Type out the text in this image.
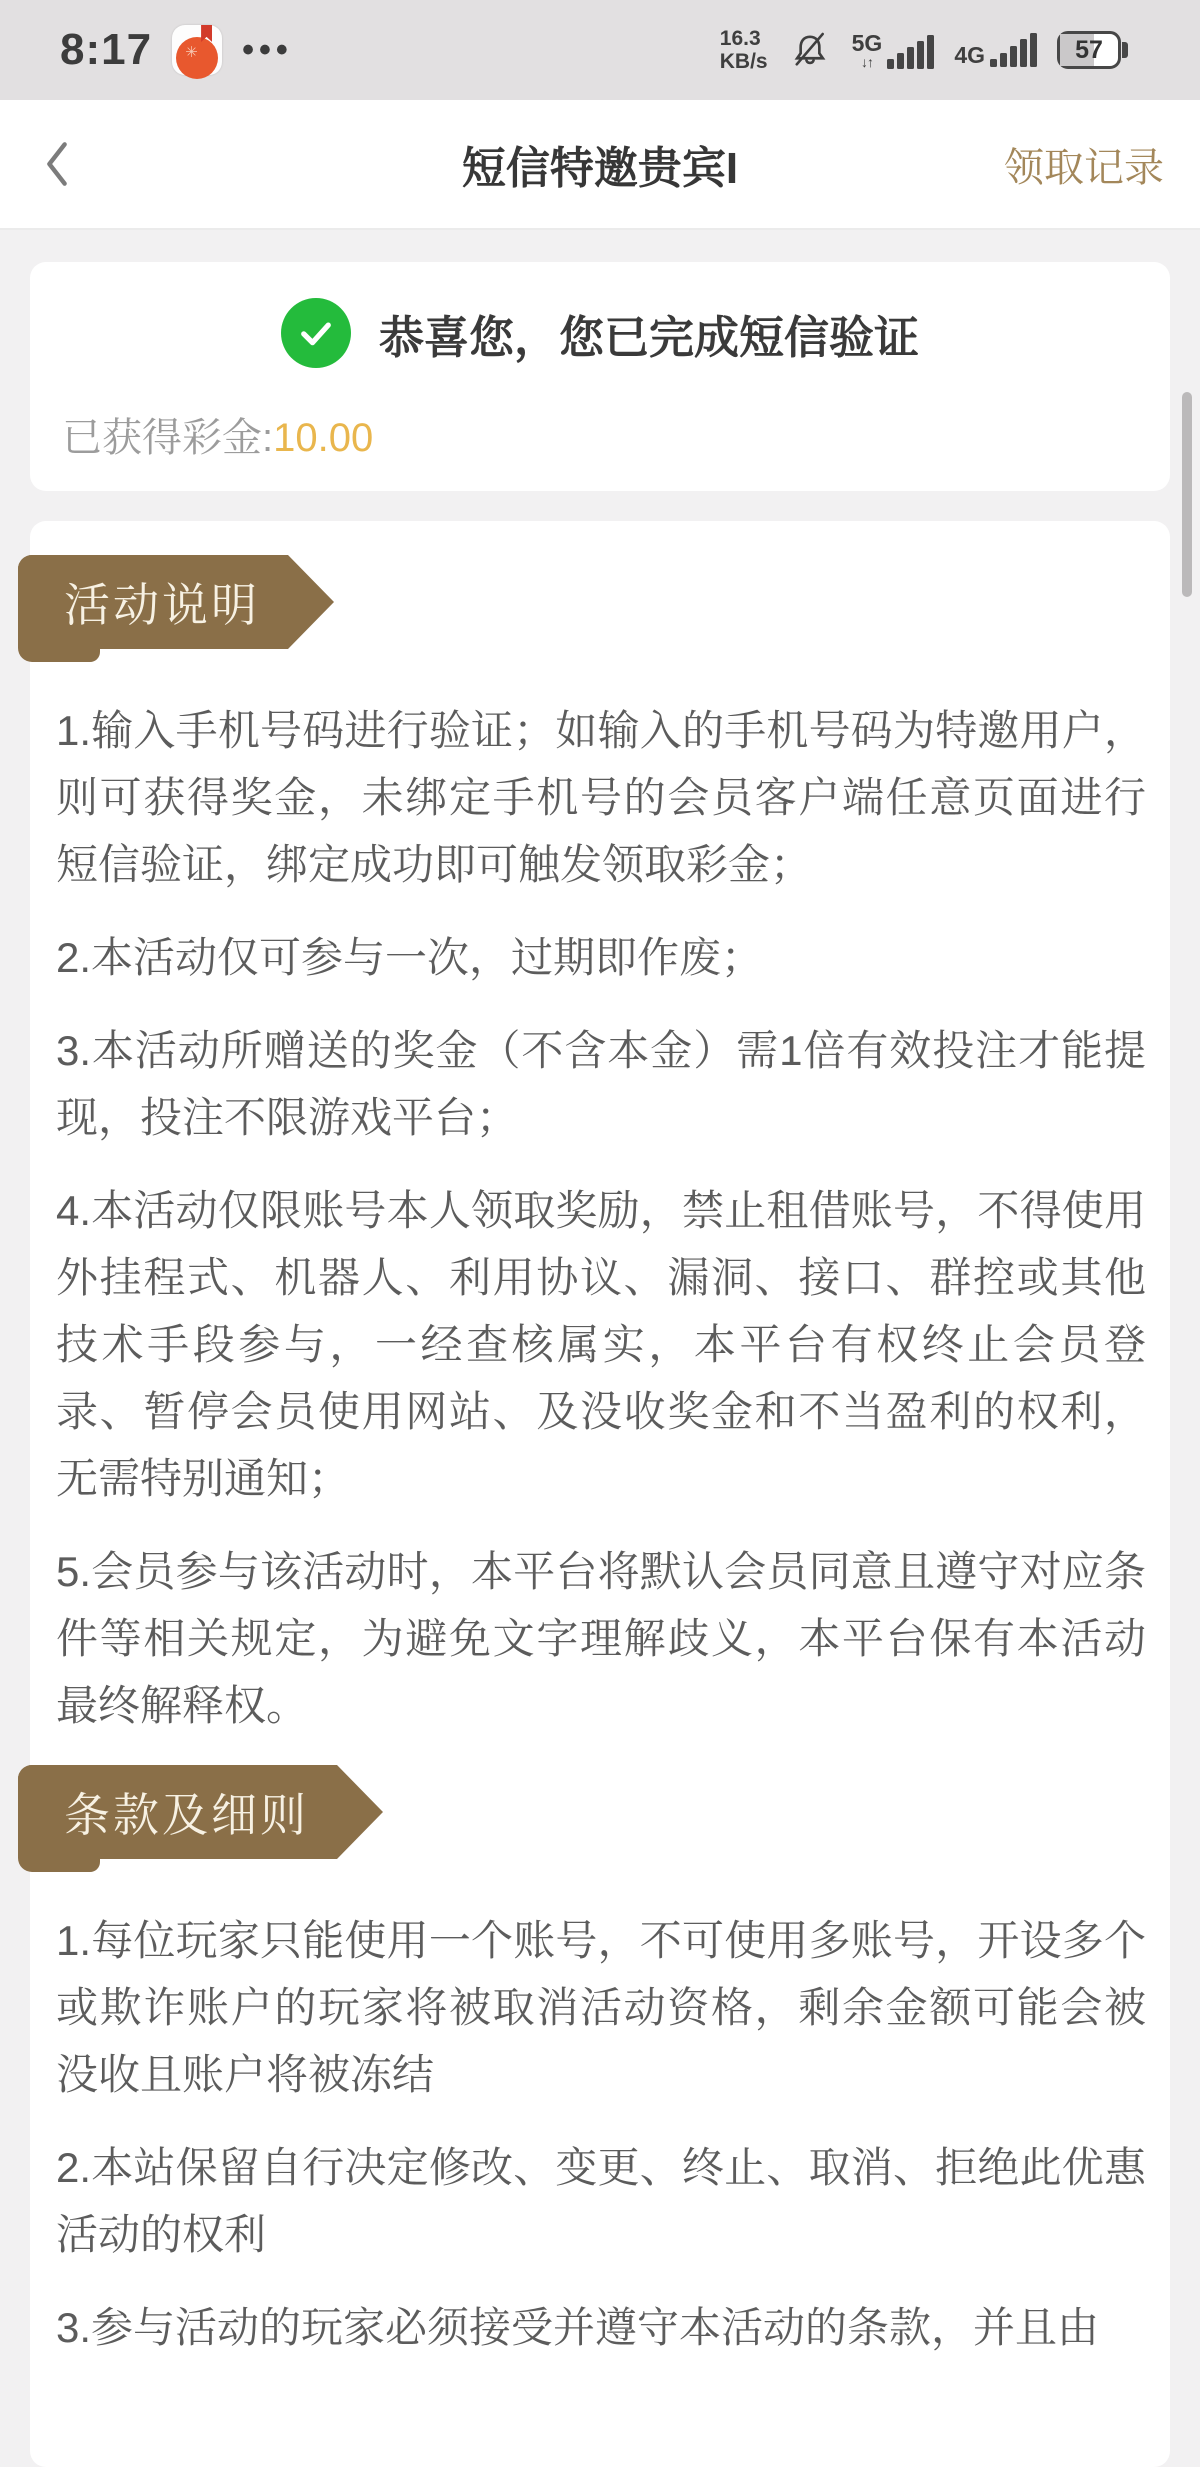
8:17 ✳ •••	16.3
KB/s
5G
↓↑	4G	57
短信特邀贵宾I	领取记录
恭喜您，您已完成短信验证
已获得彩金:10.00
活动说明

1.输入手机号码进行验证；如输入的手机号码为特邀用户，则可获得奖金，未绑定手机号的会员客户端任意页面进行短信验证，绑定成功即可触发领取彩金；

2.本活动仅可参与一次，过期即作废；

3.本活动所赠送的奖金（不含本金）需1倍有效投注才能提现，投注不限游戏平台；

4.本活动仅限账号本人领取奖励，禁止租借账号，不得使用外挂程式、机器人、利用协议、漏洞、接口、群控或其他技术手段参与，一经查核属实，本平台有权终止会员登录、暂停会员使用网站、及没收奖金和不当盈利的权利，无需特别通知；

5.会员参与该活动时，本平台将默认会员同意且遵守对应条件等相关规定，为避免文字理解歧义，本平台保有本活动最终解释权。

条款及细则

1.每位玩家只能使用一个账号，不可使用多账号，开设多个或欺诈账户的玩家将被取消活动资格，剩余金额可能会被没收且账户将被冻结

2.本站保留自行决定修改、变更、终止、取消、拒绝此优惠活动的权利

3.参与活动的玩家必须接受并遵守本活动的条款，并且由
